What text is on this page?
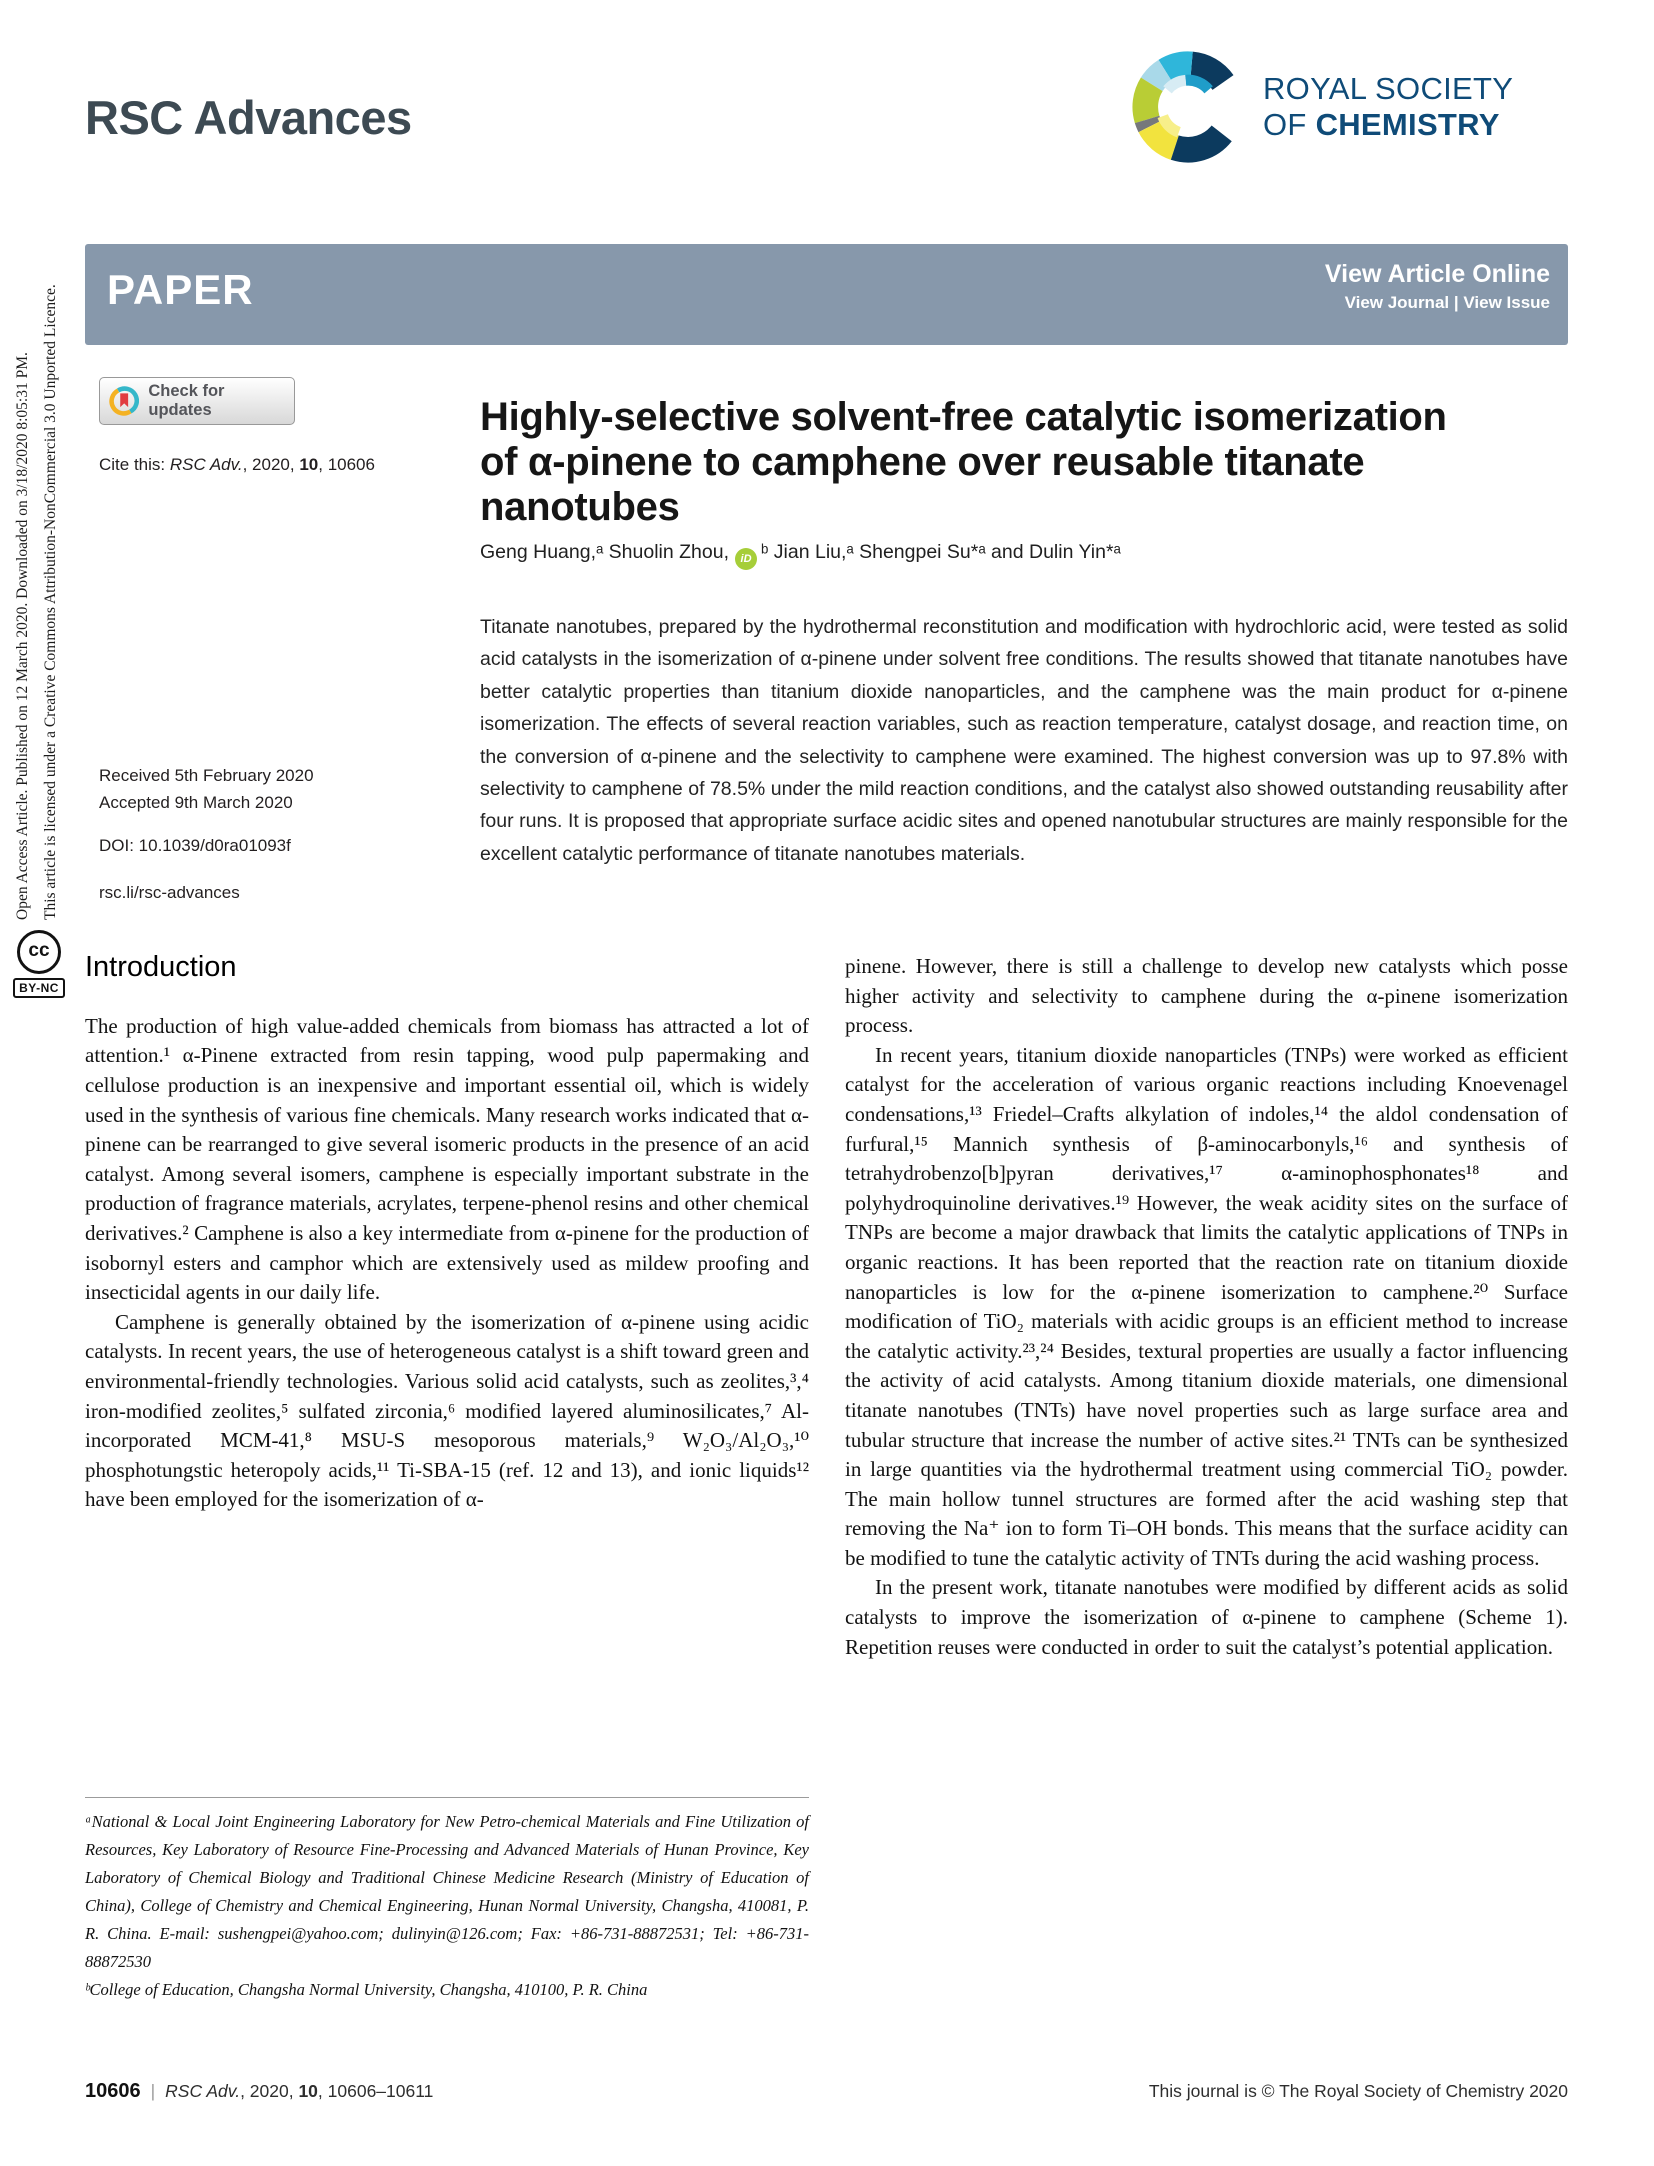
Open Access Article. Published on 12 March 2020. Downloaded on 3/18/2020 8:05:31 PM. This article is licensed under a Creative Commons Attribution-NonCommercial 3.0 Unported Licence.
cc
BY-NC
RSC Advances
ROYAL SOCIETY
OF CHEMISTRY
PAPER	View Article Online
View Journal | View Issue
Check for updates
Cite this: RSC Adv., 2020, 10, 10606
Received 5th February 2020
Accepted 9th March 2020
DOI: 10.1039/d0ra01093f
rsc.li/rsc-advances
Highly-selective solvent-free catalytic isomerization of α-pinene to camphene over reusable titanate nanotubes
Geng Huang,ᵃ Shuolin Zhou, iD ᵇ Jian Liu,ᵃ Shengpei Su*ᵃ and Dulin Yin*ᵃ
Titanate nanotubes, prepared by the hydrothermal reconstitution and modification with hydrochloric acid, were tested as solid acid catalysts in the isomerization of α-pinene under solvent free conditions. The results showed that titanate nanotubes have better catalytic properties than titanium dioxide nanoparticles, and the camphene was the main product for α-pinene isomerization. The effects of several reaction variables, such as reaction temperature, catalyst dosage, and reaction time, on the conversion of α-pinene and the selectivity to camphene were examined. The highest conversion was up to 97.8% with selectivity to camphene of 78.5% under the mild reaction conditions, and the catalyst also showed outstanding reusability after four runs. It is proposed that appropriate surface acidic sites and opened nanotubular structures are mainly responsible for the excellent catalytic performance of titanate nanotubes materials.
Introduction

The production of high value-added chemicals from biomass has attracted a lot of attention.¹ α-Pinene extracted from resin tapping, wood pulp papermaking and cellulose production is an inexpensive and important essential oil, which is widely used in the synthesis of various fine chemicals. Many research works indicated that α-pinene can be rearranged to give several isomeric products in the presence of an acid catalyst. Among several isomers, camphene is especially important substrate in the production of fragrance materials, acrylates, terpene-phenol resins and other chemical derivatives.² Camphene is also a key intermediate from α-pinene for the production of isobornyl esters and camphor which are extensively used as mildew proofing and insecticidal agents in our daily life.

Camphene is generally obtained by the isomerization of α-pinene using acidic catalysts. In recent years, the use of heterogeneous catalyst is a shift toward green and environmental-friendly technologies. Various solid acid catalysts, such as zeolites,³,⁴ iron-modified zeolites,⁵ sulfated zirconia,⁶ modified layered aluminosilicates,⁷ Al-incorporated MCM-41,⁸ MSU-S mesoporous materials,⁹ W₂O₃/Al₂O₃,¹⁰ phosphotungstic heteropoly acids,¹¹ Ti-SBA-15 (ref. 12 and 13), and ionic liquids¹² have been employed for the isomerization of α-

pinene. However, there is still a challenge to develop new catalysts which posse higher activity and selectivity to camphene during the α-pinene isomerization process.

In recent years, titanium dioxide nanoparticles (TNPs) were worked as efficient catalyst for the acceleration of various organic reactions including Knoevenagel condensations,¹³ Friedel–Crafts alkylation of indoles,¹⁴ the aldol condensation of furfural,¹⁵ Mannich synthesis of β-aminocarbonyls,¹⁶ and synthesis of tetrahydrobenzo[b]pyran derivatives,¹⁷ α-aminophosphonates¹⁸ and polyhydroquinoline derivatives.¹⁹ However, the weak acidity sites on the surface of TNPs are become a major drawback that limits the catalytic applications of TNPs in organic reactions. It has been reported that the reaction rate on titanium dioxide nanoparticles is low for the α-pinene isomerization to camphene.²⁰ Surface modification of TiO₂ materials with acidic groups is an efficient method to increase the catalytic activity.²³,²⁴ Besides, textural properties are usually a factor influencing the activity of acid catalysts. Among titanium dioxide materials, one dimensional titanate nanotubes (TNTs) have novel properties such as large surface area and tubular structure that increase the number of active sites.²¹ TNTs can be synthesized in large quantities via the hydrothermal treatment using commercial TiO₂ powder. The main hollow tunnel structures are formed after the acid washing step that removing the Na⁺ ion to form Ti–OH bonds. This means that the surface acidity can be modified to tune the catalytic activity of TNTs during the acid washing process.

In the present work, titanate nanotubes were modified by different acids as solid catalysts to improve the isomerization of α-pinene to camphene (Scheme 1). Repetition reuses were conducted in order to suit the catalyst’s potential application.

ᵃNational & Local Joint Engineering Laboratory for New Petro-chemical Materials and Fine Utilization of Resources, Key Laboratory of Resource Fine-Processing and Advanced Materials of Hunan Province, Key Laboratory of Chemical Biology and Traditional Chinese Medicine Research (Ministry of Education of China), College of Chemistry and Chemical Engineering, Hunan Normal University, Changsha, 410081, P. R. China. E-mail: sushengpei@yahoo.com; dulinyin@126.com; Fax: +86-731-88872531; Tel: +86-731-88872530

ᵇCollege of Education, Changsha Normal University, Changsha, 410100, P. R. China

10606 | RSC Adv., 2020, 10, 10606–10611	This journal is © The Royal Society of Chemistry 2020
